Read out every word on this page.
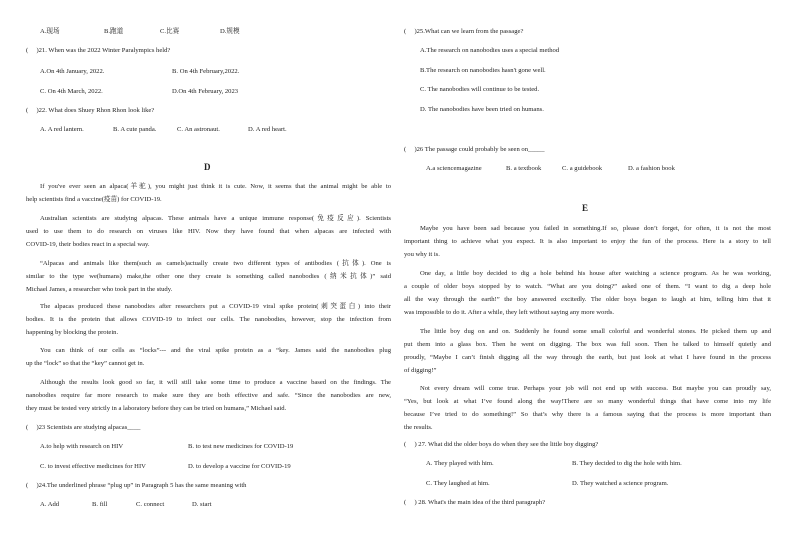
A.现场	B.跑道	C.比赛	D.规模
(　 )21. When was the 2022 Winter Paralympics held?
A.On 4th January, 2022.	B. On 4th February,2022.
C. On 4th March, 2022.	D.On 4th February, 2023
(　 )22. What does Shuey Rhon Rhon look like?
A. A red lantern.	B. A cute panda.	C. An astronaut.	D. A red heart.
D
If you've ever seen an alpaca(羊驼), you might just think it is cute. Now, it seems that the animal might be able to
help scientists find a vaccine(疫苗) for COVID-19.
Australian scientists are studying alpacas. These animals have a unique immune response(免疫反应). Scientists
used to use them to do research on viruses like HIV. Now they have found that when alpacas are infected with
COVID-19, their bodies react in a special way.
“Alpacas and animals like them(such as camels)actually create two different types of antibodies (抗体). One is
similar to the type we(humans) make,the other one they create is something called nanobodies (纳米抗体)” said
Michael James, a researcher who took part in the study.
The alpacas produced these nanobodies after researchers put a COVID-19 viral spike protein(刺突蛋白) into their
bodies. It is the protein that allows COVID-19 to infect our cells. The nanobodies, however, stop the infection from
happening by blocking the protein.
You can think of our cells as “locks”--- and the viral spike protein as a “key. James said the nanobodies plug
up the “lock” so that the “key” cannot get in.
Although the results look good so far, it will still take some time to produce a vaccine based on the findings. The
nanobodies require far more research to make sure they are both effective and safe. “Since the nanobodies are new,
they must be tested very strictly in a laboratory before they can be tried on humans,” Michael said.
(　 )23 Scientists are studying alpacas____
A.to help with research on HIV	B. to test new medicines for COVID-19
C. to invest effective medicines for HIV	D. to develop a vaccine for COVID-19
(　 )24.The underlined phrase “plug up” in Paragraph 5 has the same meaning with
A. Add	B. fill	C. connect	D. start
(　 )25.What can we learn from the passage?
A.The research on nanobodies uses a special method
B.The research on nanobodies hasn't gone well.
C. The nanobodies will continue to be tested.
D. The nanobodies have been tried on humans.
(　 )26 The passage could probably be seen on_____
A.a sciencemagazine	B. a textbook	C. a guidebook	D. a fashion book
E
Maybe you have been sad because you failed in something.If so, please don’t forget, for often, it is not the most
important thing to achieve what you expect. It is also important to enjoy the fun of the process. Here is a story to tell
you why it is.
One day, a little boy decided to dig a hole behind his house after watching a science program. As he was working,
a couple of older boys stopped by to watch. “What are you doing?” asked one of them. “I want to dig a deep hole
all the way through the earth!” the boy answered excitedly. The older boys began to laugh at him, telling him that it
was impossible to do it. After a while, they left without saying any more words.
The little boy dug on and on. Suddenly he found some small colorful and wonderful stones. He picked them up and
put them into a glass box. Then he went on digging. The box was full soon. Then he talked to himself quietly and
proudly, “Maybe I can’t finish digging all the way through the earth, but just look at what I have found in the process
of digging!”
Not every dream will come true. Perhaps your job will not end up with success. But maybe you can proudly say,
“Yes, but look at what I’ve found along the way!There are so many wonderful things that have come into my life
because I’ve tried to do something!” So that’s why there is a famous saying that the process is more important than
the results.
(　 ) 27. What did the older boys do when they see the little boy digging?
A. They played with him.	B. They decided to dig the hole with him.
C. They laughed at him.	D. They watched a science program.
(　 ) 28. What's the main idea of the third paragraph?
